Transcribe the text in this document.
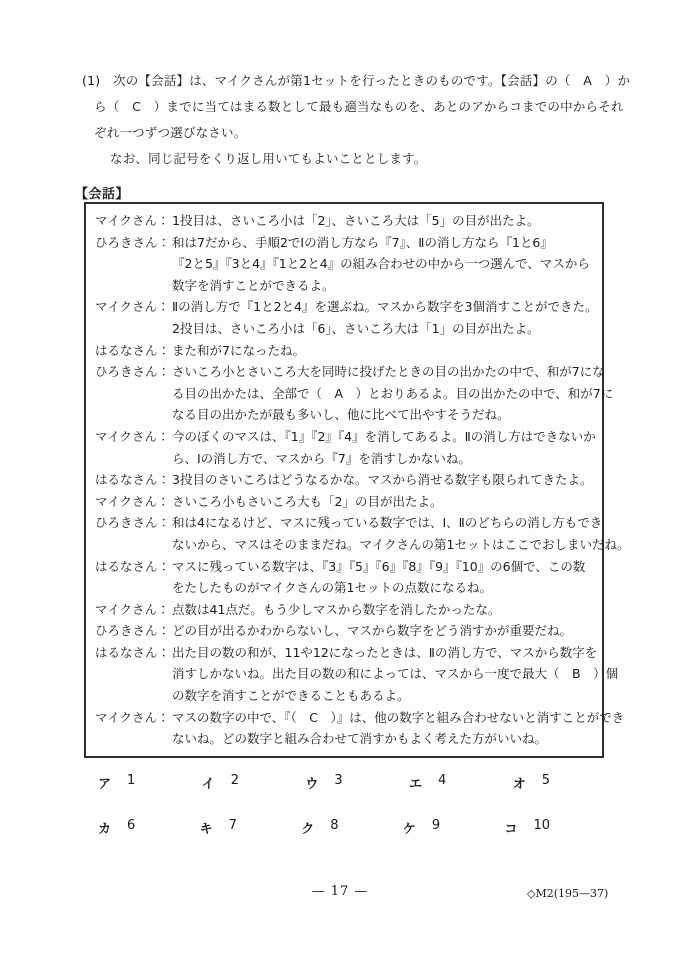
(1)　次の【会話】は、マイクさんが第1セットを行ったときのものです。【会話】の（　A　）か
ら（　C　）までに当てはまる数として最も適当なものを、あとのアからコまでの中からそれ
ぞれ一つずつ選びなさい。
なお、同じ記号をくり返し用いてもよいこととします。
【会話】
マイクさん： 1投目は、さいころ小は「2」、さいころ大は「5」の目が出たよ。
ひろきさん： 和は7だから、手順2でⅠの消し方なら『7』、Ⅱの消し方なら『1と6』
『2と5』『3と4』『1と2と4』の組み合わせの中から一つ選んで、マスから
数字を消すことができるよ。
マイクさん： Ⅱの消し方で『1と2と4』を選ぶね。マスから数字を3個消すことができた。
2投目は、さいころ小は「6」、さいころ大は「1」の目が出たよ。
はるなさん： また和が7になったね。
ひろきさん： さいころ小とさいころ大を同時に投げたときの目の出かたの中で、和が7にな
る目の出かたは、全部で（　A　）とおりあるよ。目の出かたの中で、和が7に
なる目の出かたが最も多いし、他に比べて出やすそうだね。
マイクさん： 今のぼくのマスは、『1』『2』『4』を消してあるよ。Ⅱの消し方はできないか
ら、Ⅰの消し方で、マスから『7』を消すしかないね。
はるなさん： 3投目のさいころはどうなるかな。マスから消せる数字も限られてきたよ。
マイクさん： さいころ小もさいころ大も「2」の目が出たよ。
ひろきさん： 和は4になるけど、マスに残っている数字では、Ⅰ、Ⅱのどちらの消し方もでき
ないから、マスはそのままだね。マイクさんの第1セットはここでおしまいだね。
はるなさん： マスに残っている数字は、『3』『5』『6』『8』『9』『10』の6個で、この数
をたしたものがマイクさんの第1セットの点数になるね。
マイクさん： 点数は41点だ。もう少しマスから数字を消したかったな。
ひろきさん： どの目が出るかわからないし、マスから数字をどう消すかが重要だね。
はるなさん： 出た目の数の和が、11や12になったときは、Ⅱの消し方で、マスから数字を
消すしかないね。出た目の数の和によっては、マスから一度で最大（　B　）個
の数字を消すことができることもあるよ。
マイクさん： マスの数字の中で、『（　C　）』は、他の数字と組み合わせないと消すことができ
ないね。どの数字と組み合わせて消すかもよく考えた方がいいね。
ア 1	イ 2	ウ 3	エ 4	オ 5
カ 6	キ 7	ク 8	ケ 9	コ 10
— 17 —	◇M2(195—37)
